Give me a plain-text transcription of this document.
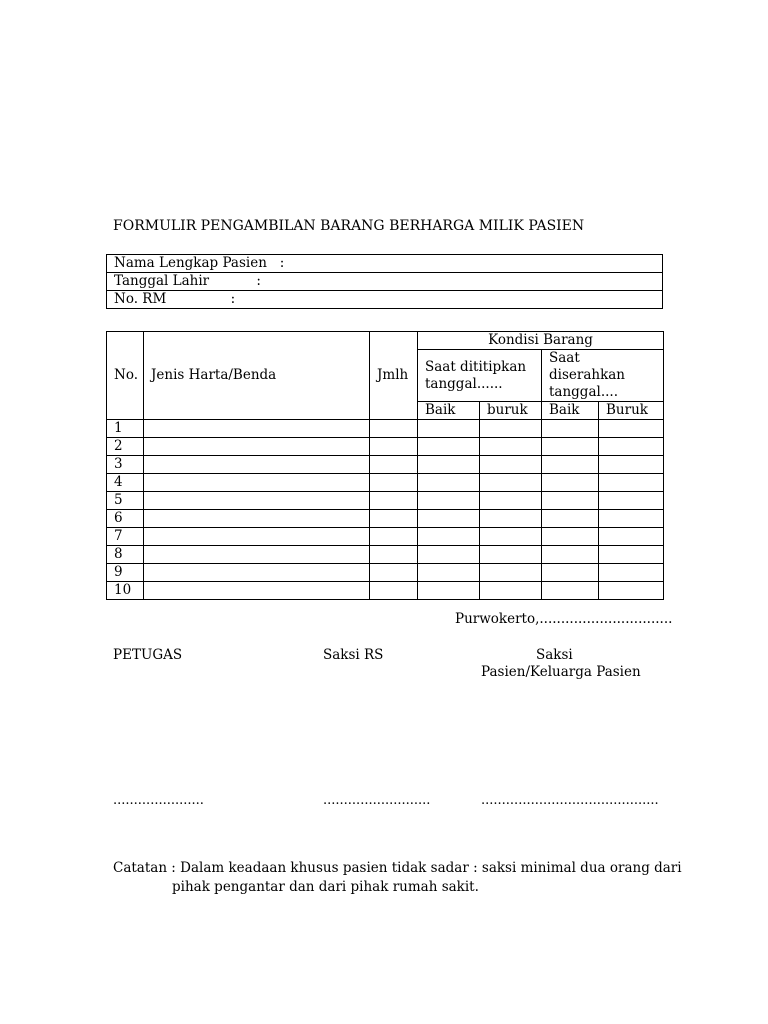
FORMULIR PENGAMBILAN BARANG BERHARGA MILIK PASIEN
Nama Lengkap Pasien   :
Tanggal Lahir           :
No. RM               :
No.	Jenis Harta/Benda	Jmlh	Kondisi Barang			
			Saat dititipkan tanggal......		Saat diserahkan tanggal....	
			Baik	buruk	Baik	Buruk
1						
2						
3						
4						
5						
6						
7						
8						
9						
10						
Purwokerto,...............................
PETUGAS	Saksi RS	Saksi
Pasien/Keluarga Pasien
......................	..........................	...........................................
Catatan : Dalam keadaan khusus pasien tidak sadar : saksi minimal dua orang dari
pihak pengantar dan dari pihak rumah sakit.
